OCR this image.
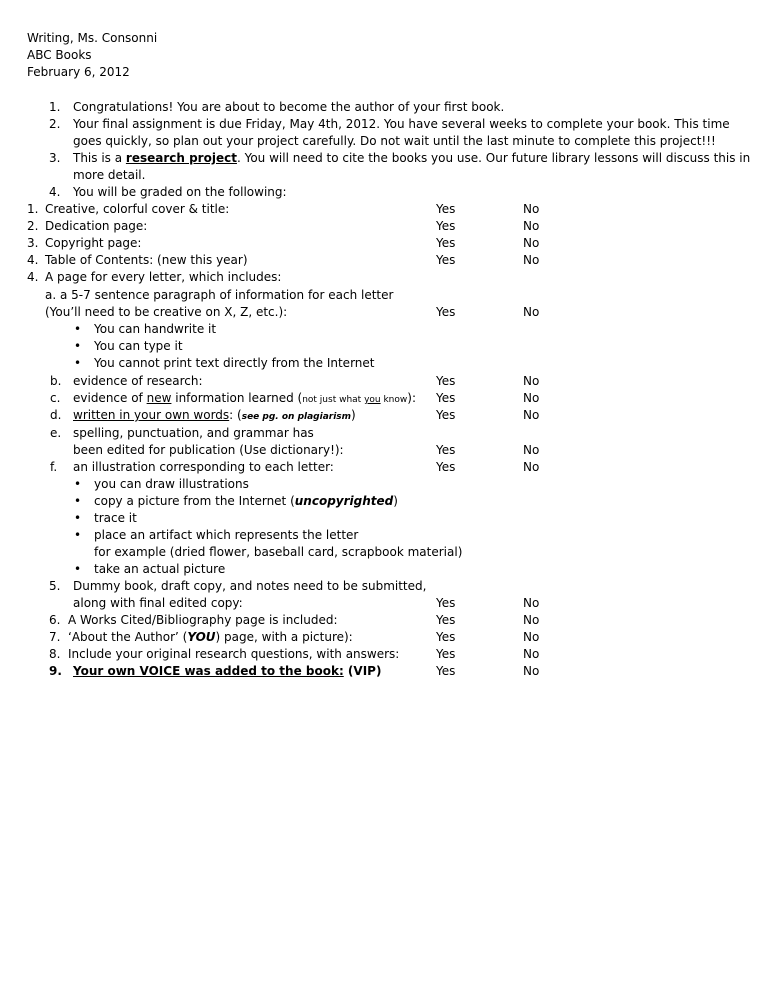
Writing, Ms. Consonni
ABC Books
February 6, 2012
1. Congratulations! You are about to become the author of your first book.
2. Your final assignment is due Friday, May 4th, 2012. You have several weeks to complete your book. This time
goes quickly, so plan out your project carefully. Do not wait until the last minute to complete this project!!!
3. This is a research project. You will need to cite the books you use. Our future library lessons will discuss this in
more detail.
4. You will be graded on the following:
1. Creative, colorful cover & title:	Yes	No
2. Dedication page:	Yes	No
3. Copyright page:	Yes	No
4. Table of Contents: (new this year)	Yes	No
4. A page for every letter, which includes:
a. a 5-7 sentence paragraph of information for each letter
(You’ll need to be creative on X, Z, etc.):	Yes	No
• You can handwrite it
• You can type it
• You cannot print text directly from the Internet
b. evidence of research:	Yes	No
c. evidence of new information learned (not just what you know): Yes	No
d. written in your own words: (see pg. on plagiarism)	Yes	No
e. spelling, punctuation, and grammar has
been edited for publication (Use dictionary!):	Yes	No
f. an illustration corresponding to each letter:	Yes	No
• you can draw illustrations
• copy a picture from the Internet (uncopyrighted)
• trace it
• place an artifact which represents the letter
for example (dried flower, baseball card, scrapbook material)
• take an actual picture
5. Dummy book, draft copy, and notes need to be submitted,
along with final edited copy:	Yes	No
6. A Works Cited/Bibliography page is included:	Yes	No
7. ‘About the Author’ (YOU) page, with a picture):	Yes	No
8. Include your original research questions, with answers:	Yes	No
9. Your own VOICE was added to the book: (VIP)	Yes	No
